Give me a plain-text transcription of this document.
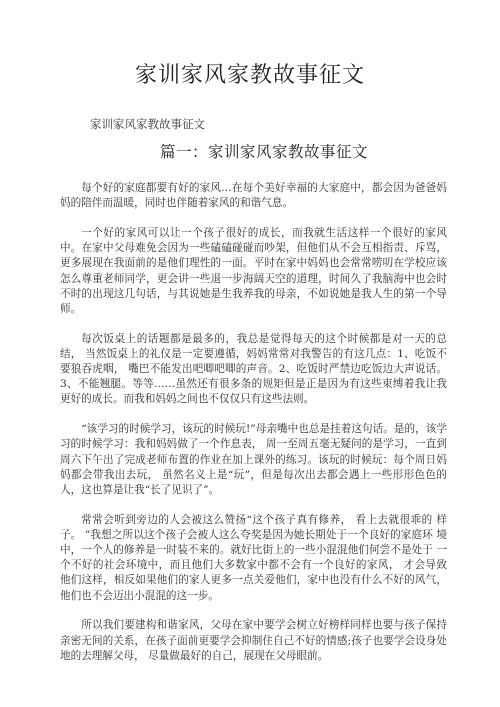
家训家风家教故事征文
家训家风家教故事征文
篇一：家训家风家教故事征文

每个好的家庭都要有好的家风…在每个美好幸福的大家庭中，都会因为爸爸妈妈的陪伴而温暖，同时也伴随着家风的和谐气息。

一个好的家风可以让一个孩子很好的成长，而我就生活这样一个很好的家风中。在家中父母难免会因为一些磕磕碰碰而吵架，但他们从不会互相指责、斥骂，更多展现在我面前的是他们理性的一面。平时在家中妈妈也会常常唠叨在学校应该怎么尊重老师同学，更会讲一些退一步海阔天空的道理，时间久了我脑海中也会时不时的出现这几句话，与其说她是生我养我的母亲，不如说她是我人生的第一个导师。

每次饭桌上的话题都是最多的，我总是觉得每天的这个时候都是对一天的总结， 当然饭桌上的礼仪是一定要遵循，妈妈常常对我警告的有这几点：1、吃饭不要狼吞虎咽， 嘴巴不能发出吧唧吧唧的声音。2、吃饭时严禁边吃饭边大声说话。3、不能翘腿。等等……虽然还有很多条的规矩但是正是因为有这些束缚着我让我更好的成长。而我和妈妈之间也不仅仅只有这些法则。

“该学习的时候学习，该玩的时候玩!”母亲嘴中也总是挂着这句话。是的，该学习的时候学习：我和妈妈做了一个作息表， 周一至周五毫无疑问的是学习，一直到周六下午出了完成老师布置的作业在加上课外的练习。该玩的时候玩：每个周日妈妈都会带我出去玩， 虽然名义上是“玩”，但是每次出去都会遇上一些形形色色的人，这也算是让我“长了见识了”。

常常会听到旁边的人会被这么赞扬“这个孩子真有修养， 看上去就很乖的 样子。 ”我想之所以这个孩子会被人这么夸奖是因为她长期处于一个良好的家庭环 境中，一个人的修养是一时装不来的。就好比街上的一些小混混他们何尝不是处于 一个不好的社会环境中，而且他们大多数家中都不会有一个良好的家风， 才会导致 他们这样，相反如果他们的家人更多一点关爱他们，家中也没有什么不好的风气， 他们也不会迈出小混混的这一步。

所以我们要建构和谐家风，父母在家中要学会树立好榜样同样也要与孩子保持亲密无间的关系，在孩子面前更要学会抑制住自己不好的情感;孩子也要学会设身处地的去理解父母， 尽量做最好的自己，展现在父母眼前。
